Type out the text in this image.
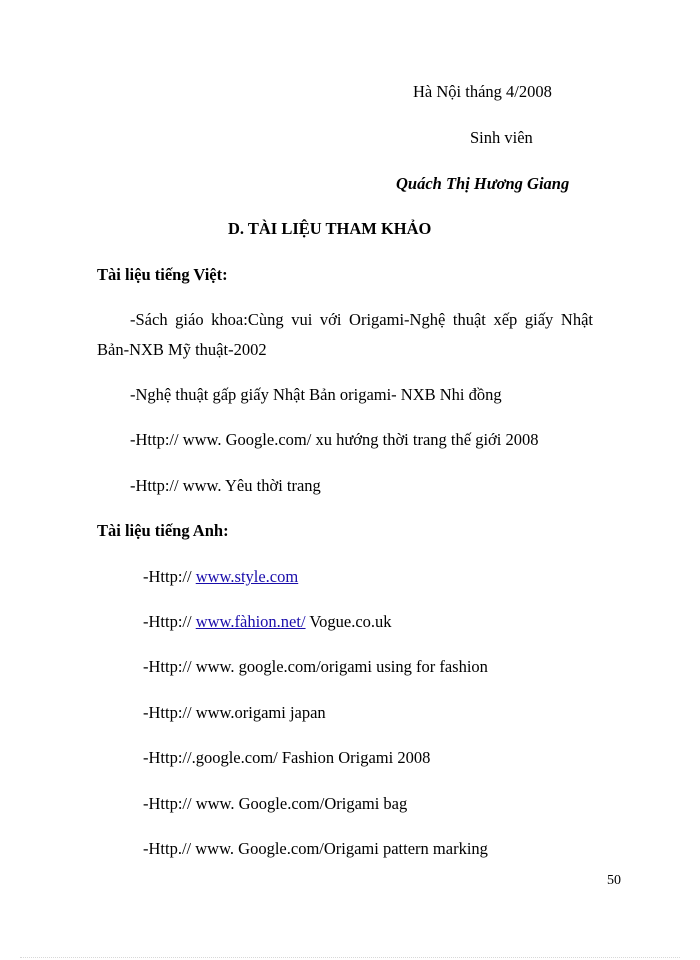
Hà Nội tháng 4/2008
Sinh viên
Quách Thị Hương Giang
D. TÀI LIỆU THAM KHẢO
Tài liệu tiếng Việt:
-Sách giáo khoa:Cùng vui với Origami-Nghệ thuật xếp giấy Nhật
Bản-NXB Mỹ thuật-2002
-Nghệ thuật gấp giấy Nhật Bản origami- NXB Nhi đồng
-Http:// www. Google.com/ xu hướng thời trang thế giới 2008
-Http:// www. Yêu thời trang
Tài liệu tiếng Anh:
-Http:// www.style.com
-Http:// www.fàhion.net/ Vogue.co.uk
-Http:// www. google.com/origami using for fashion
-Http:// www.origami japan
-Http://.google.com/ Fashion Origami 2008
-Http:// www. Google.com/Origami bag
-Http.// www. Google.com/Origami pattern marking
50
